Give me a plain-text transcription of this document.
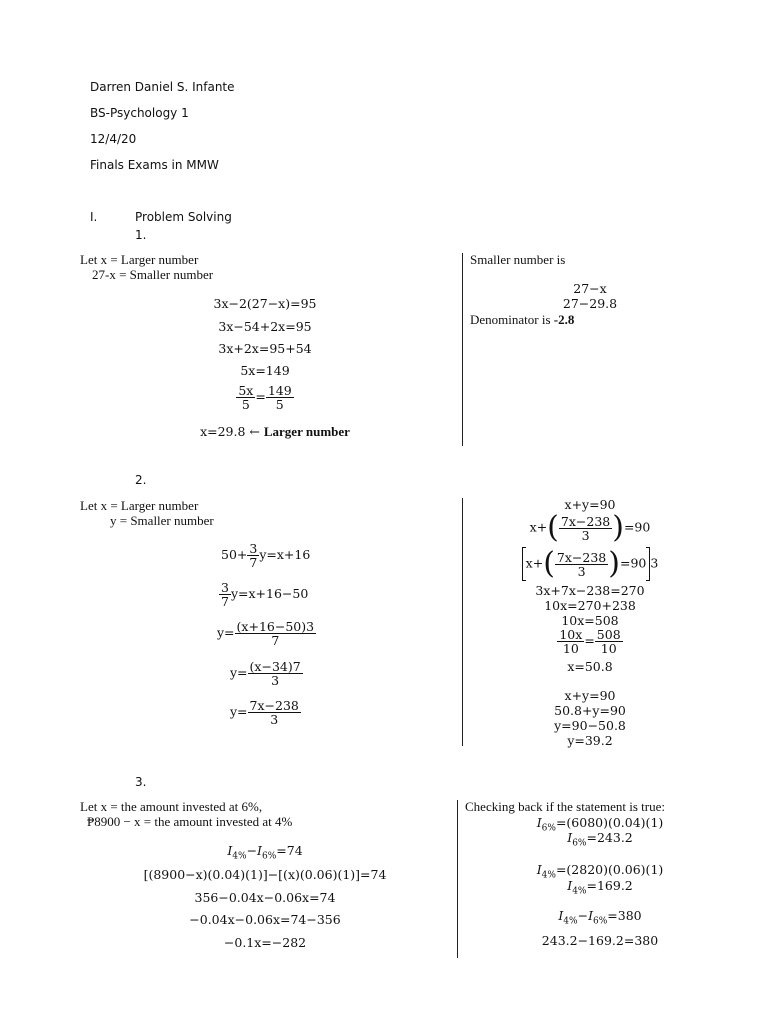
Darren Daniel S. Infante
BS-Psychology 1
12/4/20
Finals Exams in MMW
I.	Problem Solving
1.
Let x = Larger number
27-x = Smaller number
3x−2(27−x)=95
3x−54+2x=95
3x+2x=95+54
5x=149
$\frac{5x}{5} = \frac{149}{5}$
x=29.8 ← Larger number
Smaller number is
27−x
27−29.8
Denominator is -2.8
2.
Let x = Larger number
y = Smaller number
$50+ \frac{3}{7} y=x+16$
$\frac{3}{7} y=x+16-50$
$y= \frac{(x+16-50)3}{7}$
$y= \frac{(x-34)7}{3}$
$y= \frac{7x-238}{3}$
x+y=90
$x+( \frac{7x-238}{3} )=90$
$x+( \frac{7x-238}{3} )=90$ 3
3x+7x−238=270
10x=270+238
10x=508
$\frac{10x}{10} = \frac{508}{10}$
x=50.8
x+y=90
50.8+y=90
y=90−50.8
y=39.2
3.
Let x = the amount invested at 6%,
₱8900 − x = the amount invested at 4%
$I_{4\%}-I_{6\%}=74$
[(8900−x)(0.04)(1)]−[(x)(0.06)(1)]=74
356−0.04x−0.06x=74
−0.04x−0.06x=74−356
−0.1x=−282
Checking back if the statement is true:
$I_{6\%}=(6080)(0.04)(1)$
$I_{6\%}=243.2$
$I_{4\%}=(2820)(0.06)(1)$
$I_{4\%}=169.2$
$I_{4\%}-I_{6\%}=380$
243.2−169.2=380
